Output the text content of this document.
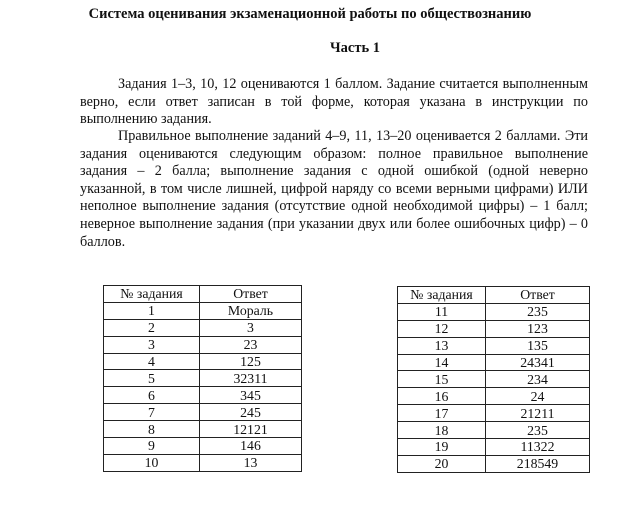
Система оценивания экзаменационной работы по обществознанию
Часть 1

Задания 1–3, 10, 12 оцениваются 1 баллом. Задание считается выполненным верно, если ответ записан в той форме, которая указана в инструкции по выполнению задания.

Правильное выполнение заданий 4–9, 11, 13–20 оценивается 2 баллами. Эти задания оцениваются следующим образом: полное правильное выполнение задания – 2 балла; выполнение задания с одной ошибкой (одной неверно указанной, в том числе лишней, цифрой наряду со всеми верными цифрами) ИЛИ неполное выполнение задания (отсутствие одной необходимой цифры) – 1 балл; неверное выполнение задания (при указании двух или более ошибочных цифр) – 0 баллов.

№ задания	Ответ
1	Мораль
2	3
3	23
4	125
5	32311
6	345
7	245
8	12121
9	146
10	13
№ задания	Ответ
11	235
12	123
13	135
14	24341
15	234
16	24
17	21211
18	235
19	11322
20	218549
